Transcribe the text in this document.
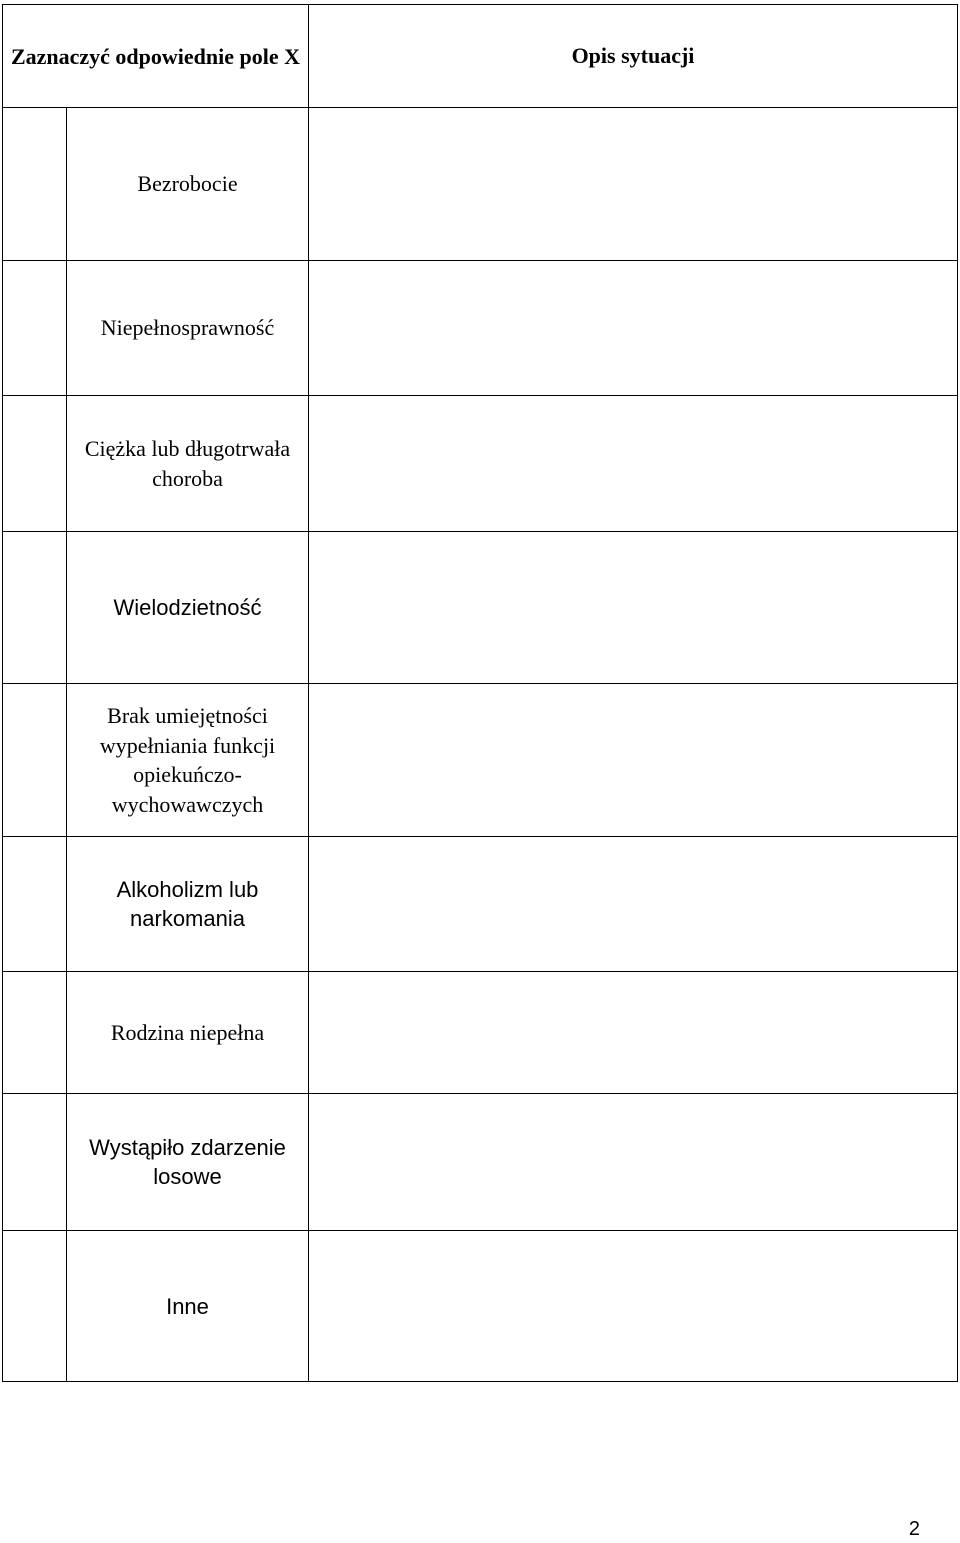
Zaznaczyć odpowiednie pole X		Opis sytuacji
	Bezrobocie	
	Niepełnosprawność	
	Ciężka lub długotrwała choroba	
	Wielodzietność	
	Brak umiejętności wypełniania funkcji opiekuńczo-wychowawczych	
	Alkoholizm lub narkomania	
	Rodzina niepełna	
	Wystąpiło zdarzenie losowe	
	Inne	
2
